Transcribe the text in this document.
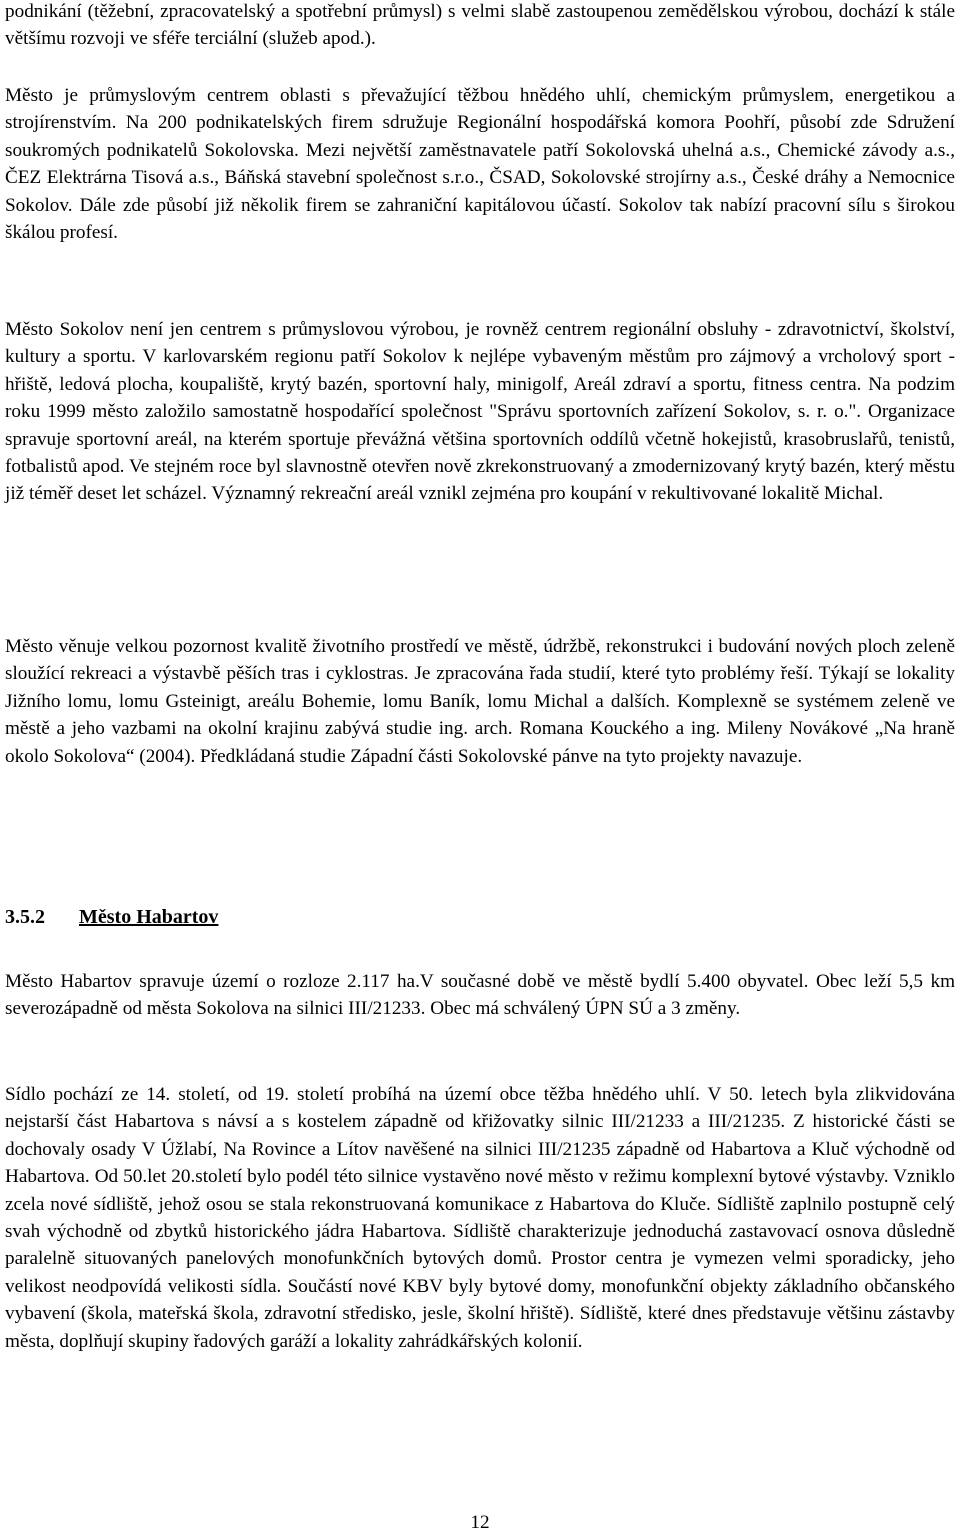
podnikání (těžební, zpracovatelský a spotřební průmysl) s velmi slabě zastoupenou zemědělskou výrobou, dochází k stále většímu rozvoji ve sféře terciální (služeb apod.).

Město je průmyslovým centrem oblasti s převažující těžbou hnědého uhlí, chemickým průmyslem, energetikou a strojírenstvím. Na 200 podnikatelských firem sdružuje Regionální hospodářská komora Poohří, působí zde Sdružení soukromých podnikatelů Sokolovska. Mezi největší zaměstnavatele patří Sokolovská uhelná a.s., Chemické závody a.s., ČEZ Elektrárna Tisová a.s., Báňská stavební společnost s.r.o., ČSAD, Sokolovské strojírny a.s., České dráhy a Nemocnice Sokolov. Dále zde působí již několik firem se zahraniční kapitálovou účastí. Sokolov tak nabízí pracovní sílu s širokou škálou profesí.

Město Sokolov není jen centrem s průmyslovou výrobou, je rovněž centrem regionální obsluhy - zdravotnictví, školství, kultury a sportu. V karlovarském regionu patří Sokolov k nejlépe vybaveným městům pro zájmový a vrcholový sport - hřiště, ledová plocha, koupaliště, krytý bazén, sportovní haly, minigolf, Areál zdraví a sportu, fitness centra. Na podzim roku 1999 město založilo samostatně hospodařící společnost "Správu sportovních zařízení Sokolov, s. r. o.". Organizace spravuje sportovní areál, na kterém sportuje převážná většina sportovních oddílů včetně hokejistů, krasobruslařů, tenistů, fotbalistů apod. Ve stejném roce byl slavnostně otevřen nově zkrekonstruovaný a zmodernizovaný krytý bazén, který městu již téměř deset let scházel. Významný rekreační areál vznikl zejména pro koupání v rekultivované lokalitě Michal.

Město věnuje velkou pozornost kvalitě životního prostředí ve městě, údržbě, rekonstrukci i budování nových ploch zeleně sloužící rekreaci a výstavbě pěších tras i cyklostras. Je zpracována řada studií, které tyto problémy řeší. Týkají se lokality Jižního lomu, lomu Gsteinigt, areálu Bohemie, lomu Baník, lomu Michal a dalších. Komplexně se systémem zeleně ve městě a jeho vazbami na okolní krajinu zabývá studie ing. arch. Romana Kouckého a ing. Mileny Novákové „Na hraně okolo Sokolova“ (2004). Předkládaná studie Západní části Sokolovské pánve na tyto projekty navazuje.

3.5.2 Město Habartov

Město Habartov spravuje území o rozloze 2.117 ha.V současné době ve městě bydlí 5.400 obyvatel. Obec leží 5,5 km severozápadně od města Sokolova na silnici III/21233. Obec má schválený ÚPN SÚ a 3 změny.

Sídlo pochází ze 14. století, od 19. století probíhá na území obce těžba hnědého uhlí. V 50. letech byla zlikvidována nejstarší část Habartova s návsí a s kostelem západně od křižovatky silnic III/21233 a III/21235. Z historické části se dochovaly osady V Úžlabí, Na Rovince a Lítov navěšené na silnici III/21235 západně od Habartova a Kluč východně od Habartova. Od 50.let 20.století bylo podél této silnice vystavěno nové město v režimu komplexní bytové výstavby. Vzniklo zcela nové sídliště, jehož osou se stala rekonstruovaná komunikace z Habartova do Kluče. Sídliště zaplnilo postupně celý svah východně od zbytků historického jádra Habartova. Sídliště charakterizuje jednoduchá zastavovací osnova důsledně paralelně situovaných panelových monofunkčních bytových domů. Prostor centra je vymezen velmi sporadicky, jeho velikost neodpovídá velikosti sídla. Součástí nové KBV byly bytové domy, monofunkční objekty základního občanského vybavení (škola, mateřská škola, zdravotní středisko, jesle, školní hřiště). Sídliště, které dnes představuje většinu zástavby města, doplňují skupiny řadových garáží a lokality zahrádkářských kolonií.

12
